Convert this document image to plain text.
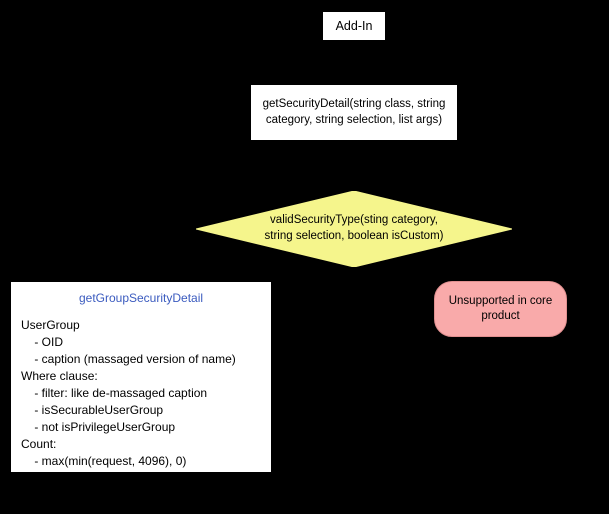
Add-In
getSecurityDetail(string class, string category, string selection, list args)
validSecurityType(sting category, string selection, boolean isCustom)
Unsupported in core product
getGroupSecurityDetail
UserGroup
- OID
- caption (massaged version of name)
Where clause:
- filter: like de-massaged caption
- isSecurableUserGroup
- not isPrivilegeUserGroup
Count:
- max(min(request, 4096), 0)
